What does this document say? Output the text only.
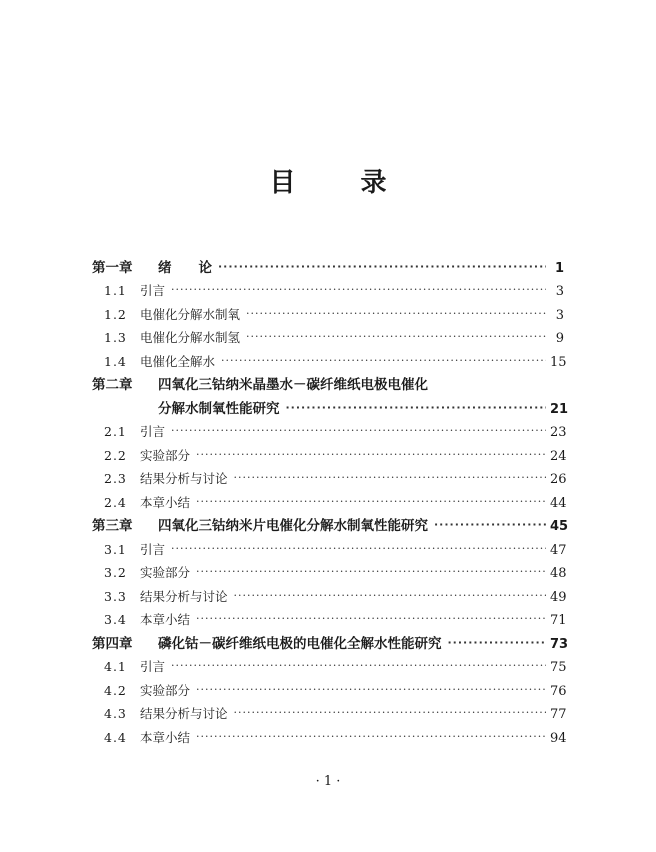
目 录
第一章 绪　　论 ·····	1
1.1 引言 ·····	3
1.2 电催化分解水制氧 ·····	3
1.3 电催化分解水制氢 ·····	9
1.4 电催化全解水 ·····	15
第二章 四氧化三钴纳米晶墨水－碳纤维纸电极电催化
分解水制氧性能研究 ·····	21
2.1 引言 ·····	23
2.2 实验部分 ·····	24
2.3 结果分析与讨论 ·····	26
2.4 本章小结 ·····	44
第三章 四氧化三钴纳米片电催化分解水制氧性能研究 ·····	45
3.1 引言 ·····	47
3.2 实验部分 ·····	48
3.3 结果分析与讨论 ·····	49
3.4 本章小结 ·····	71
第四章 磷化钴－碳纤维纸电极的电催化全解水性能研究 ·····	73
4.1 引言 ·····	75
4.2 实验部分 ·····	76
4.3 结果分析与讨论 ·····	77
4.4 本章小结 ·····	94
· 1 ·
